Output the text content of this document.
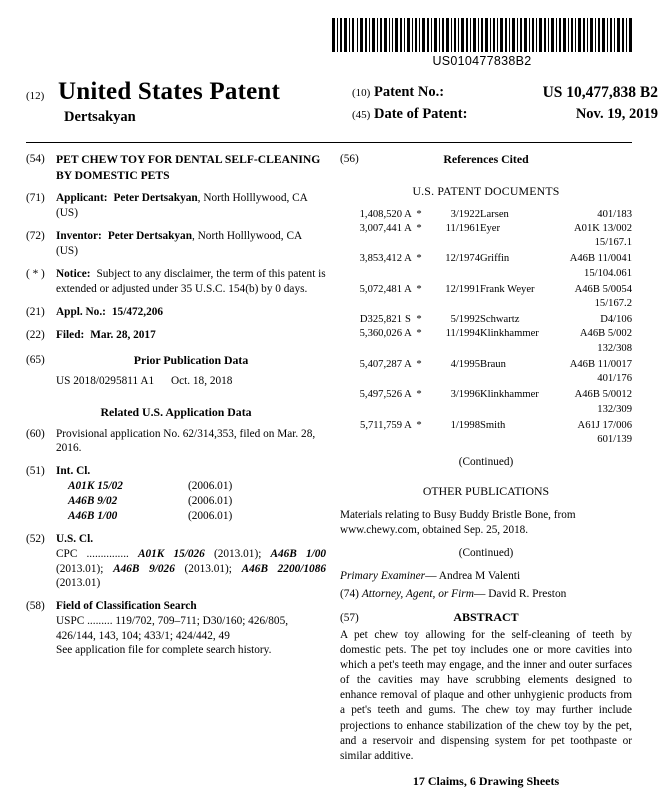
US010477838B2
(12) United States Patent
Dertsakyan
(10) Patent No.:	US 10,477,838 B2
(45) Date of Patent:	Nov. 19, 2019
(54) PET CHEW TOY FOR DENTAL SELF-CLEANING BY DOMESTIC PETS
(71) Applicant: Peter Dertsakyan, North Holllywood, CA (US)
(72) Inventor: Peter Dertsakyan, North Holllywood, CA (US)
( * ) Notice: Subject to any disclaimer, the term of this patent is extended or adjusted under 35 U.S.C. 154(b) by 0 days.
(21) Appl. No.: 15/472,206
(22) Filed: Mar. 28, 2017
(65)	Prior Publication Data
US 2018/0295811 A1 Oct. 18, 2018
Related U.S. Application Data
(60) Provisional application No. 62/314,353, filed on Mar. 28, 2016.
(51) Int. Cl.
A01K 15/02	(2006.01)
A46B 9/02	(2006.01)
A46B 1/00	(2006.01)
(52) U.S. Cl.
CPC ............... A01K 15/026 (2013.01); A46B 1/00 (2013.01); A46B 9/026 (2013.01); A46B 2200/1086 (2013.01)
(58) Field of Classification Search
USPC ......... 119/702, 709–711; D30/160; 426/805, 426/144, 143, 104; 433/1; 424/442, 49
See application file for complete search history.
(56)	References Cited
U.S. PATENT DOCUMENTS
1,408,520	A	*	3/1922	Larsen	401/183
3,007,441	A	*	11/1961	Eyer	A01K 13/002
15/167.1					
3,853,412	A	*	12/1974	Griffin	A46B 11/0041
15/104.061					
5,072,481	A	*	12/1991	Frank Weyer	A46B 5/0054
15/167.2					
D325,821	S	*	5/1992	Schwartz	D4/106
5,360,026	A	*	11/1994	Klinkhammer	A46B 5/002
132/308					
5,407,287	A	*	4/1995	Braun	A46B 11/0017
401/176					
5,497,526	A	*	3/1996	Klinkhammer	A46B 5/0012
132/309					
5,711,759	A	*	1/1998	Smith	A61J 17/006
601/139					
(Continued)
OTHER PUBLICATIONS
Materials relating to Busy Buddy Bristle Bone, from www.chewy.com, obtained Sep. 25, 2018.
(Continued)
Primary Examiner— Andrea M Valenti
(74) Attorney, Agent, or Firm— David R. Preston
(57)	ABSTRACT
A pet chew toy allowing for the self-cleaning of teeth by domestic pets. The pet toy includes one or more cavities into which a pet's teeth may engage, and the inner and outer surfaces of the cavities may have scrubbing elements designed to enhance removal of plaque and other unhygienic products from a pet's teeth and gums. The chew toy may further include projections to enhance stabilization of the chew toy by the pet, and a reservoir and dispensing system for pet toothpaste or similar additive.
17 Claims, 6 Drawing Sheets
